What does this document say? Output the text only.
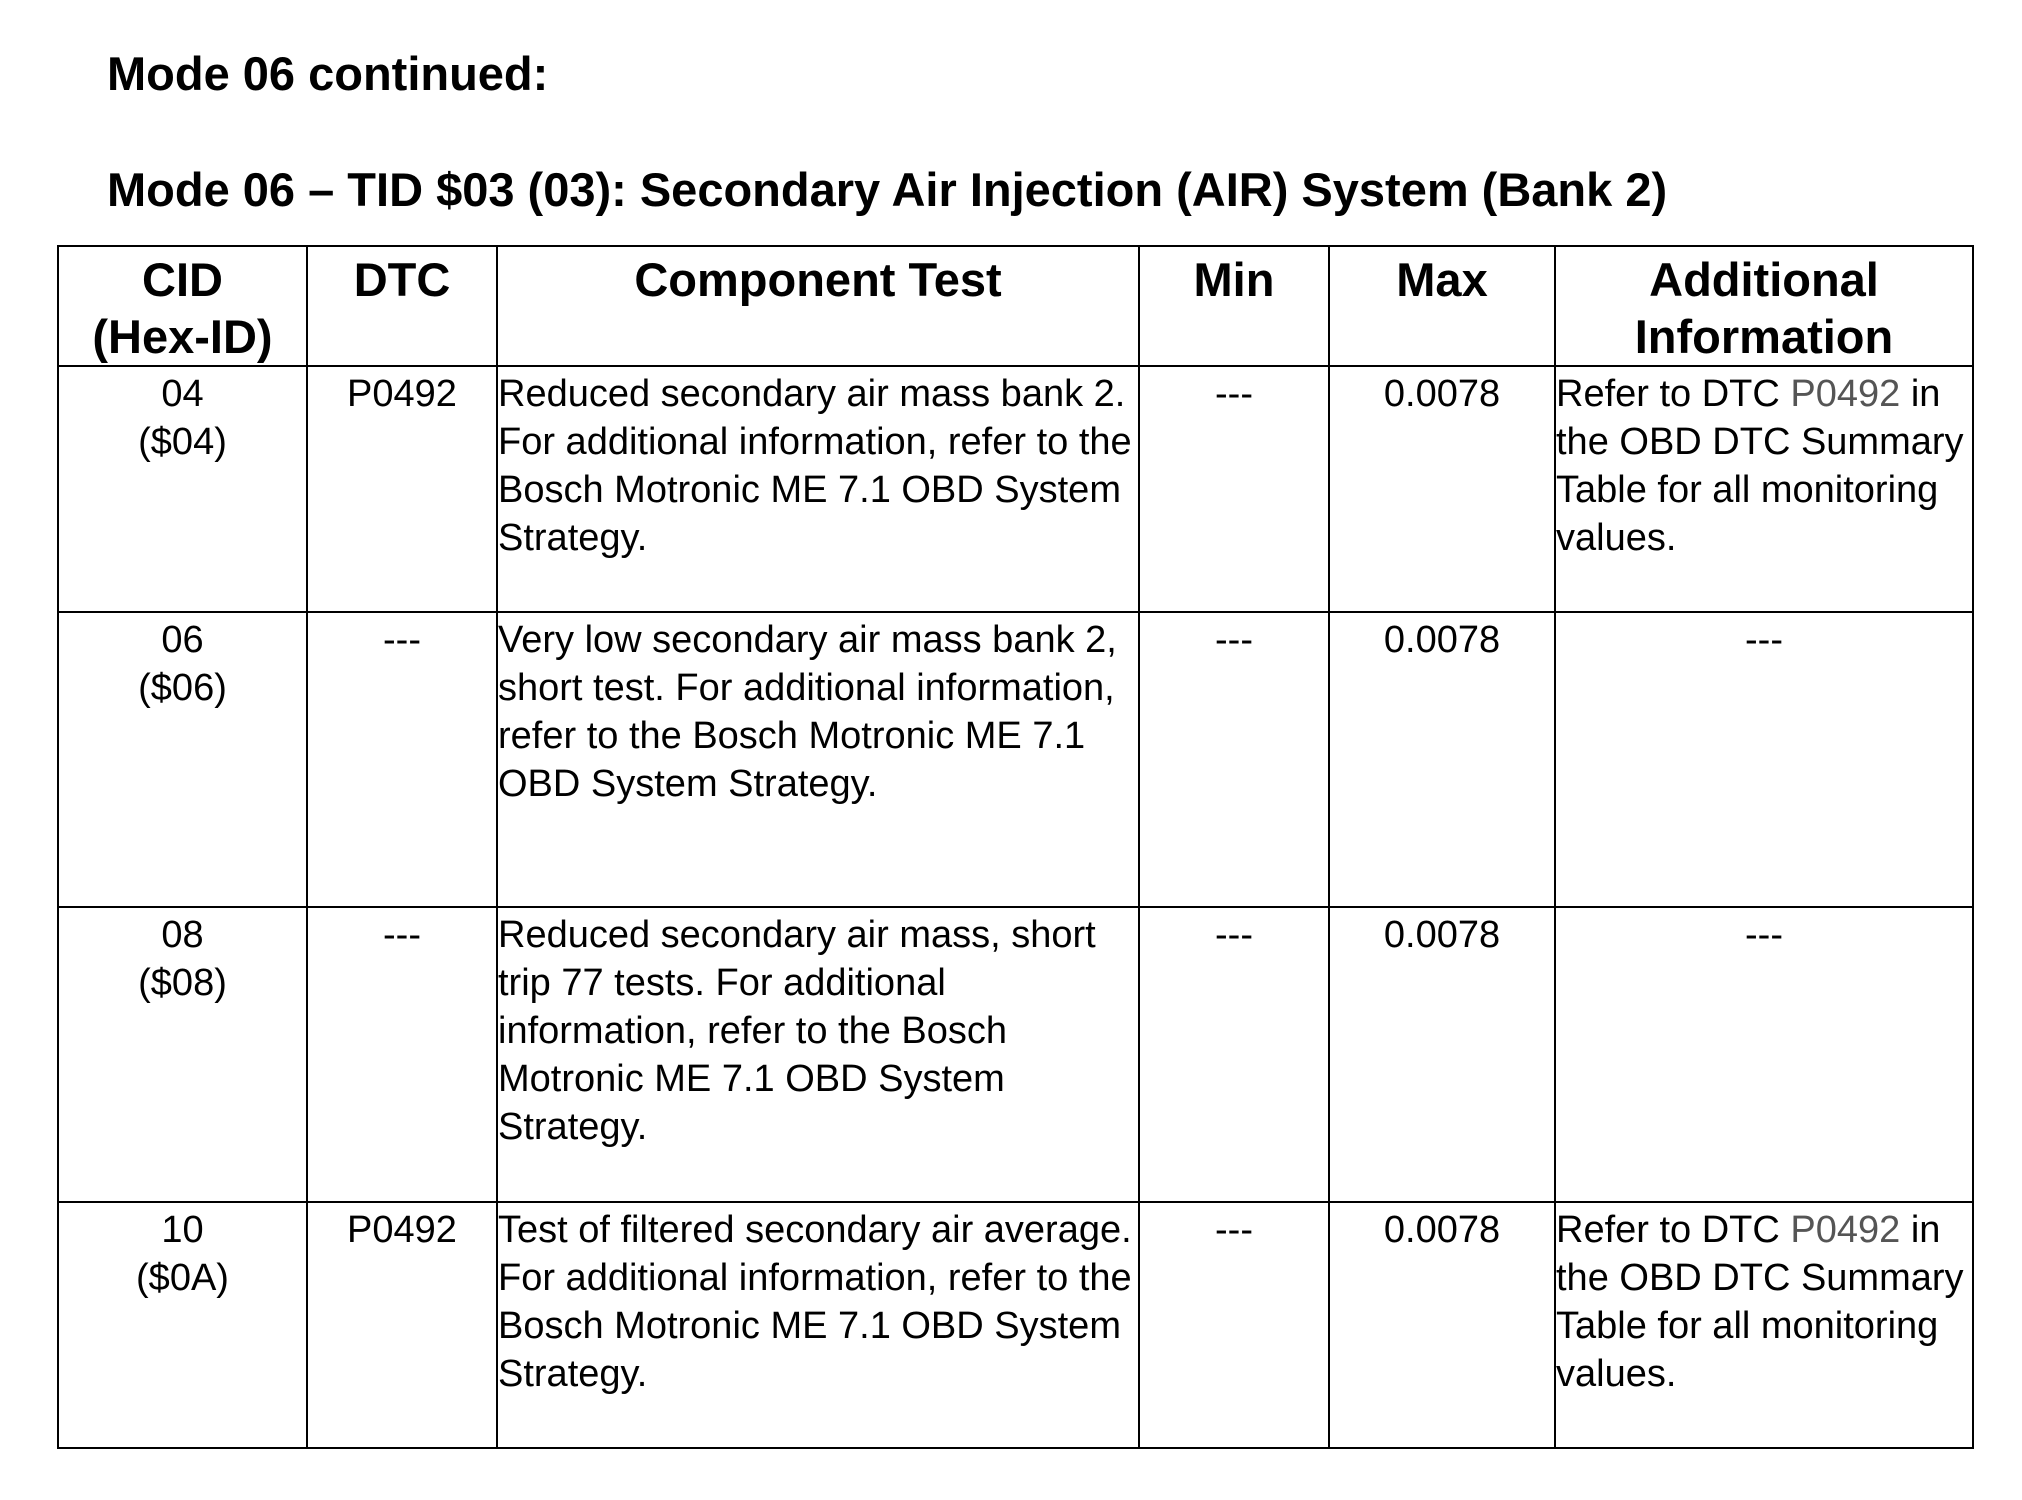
Mode 06 continued:
Mode 06 – TID $03 (03): Secondary Air Injection (AIR) System (Bank 2)
CID
(Hex-ID)	DTC	Component Test	Min	Max	Additional
Information

04
($04)	P0492	Reduced secondary air mass bank 2. For additional information, refer to the Bosch Motronic ME 7.1 OBD System Strategy.	---	0.0078	Refer to DTC P0492 in the OBD DTC Summary Table for all monitoring values.

06
($06)	---	Very low secondary air mass bank 2, short test. For additional information, refer to the Bosch Motronic ME 7.1 OBD System Strategy.	---	0.0078	---

08
($08)	---	Reduced secondary air mass, short trip 77 tests. For additional information, refer to the Bosch Motronic ME 7.1 OBD System Strategy.	---	0.0078	---

10
($0A)	P0492	Test of filtered secondary air average. For additional information, refer to the Bosch Motronic ME 7.1 OBD System Strategy.	---	0.0078	Refer to DTC P0492 in the OBD DTC Summary Table for all monitoring values.
